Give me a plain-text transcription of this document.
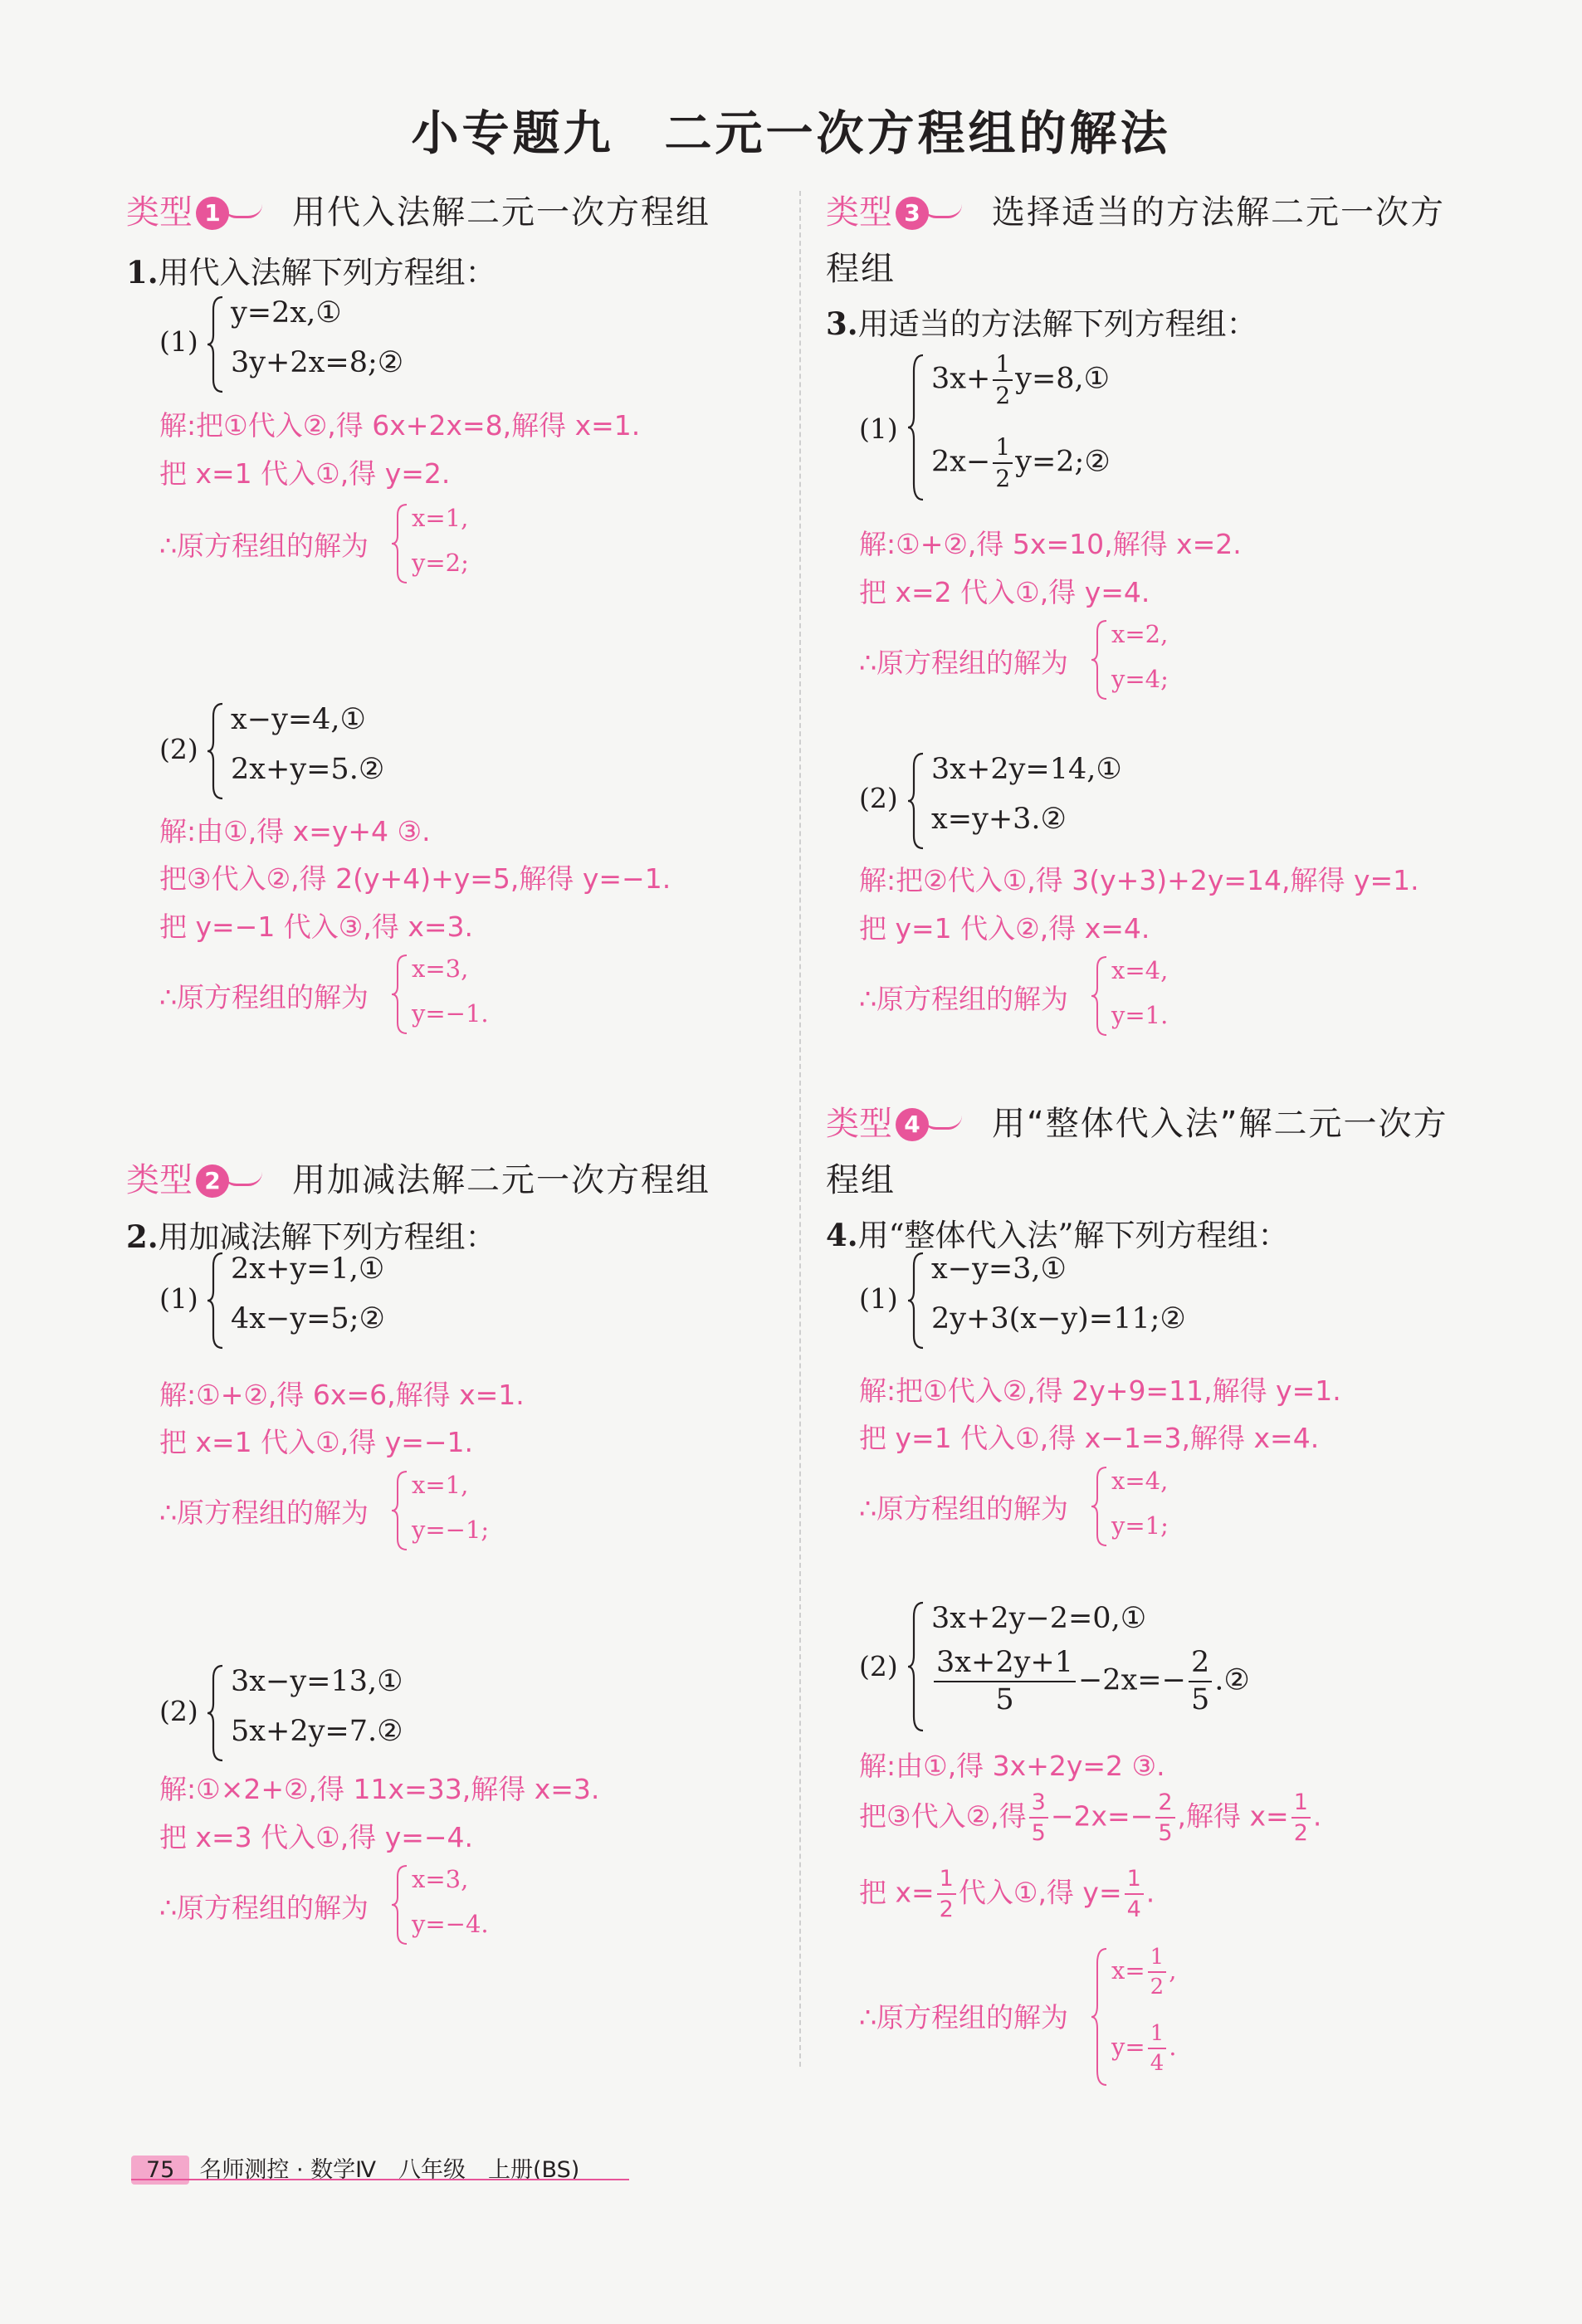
小专题九　二元一次方程组的解法
类型 1 用代入法解二元一次方程组
1.用代入法解下列方程组：
(1)
y=2x,①
3y+2x=8;②
解:把①代入②,得 6x+2x=8,解得 x=1.
把 x=1 代入①,得 y=2.
∴原方程组的解为
x=1,
y=2;
(2)
x−y=4,①
2x+y=5.②
解:由①,得 x=y+4 ③.
把③代入②,得 2(y+4)+y=5,解得 y=−1.
把 y=−1 代入③,得 x=3.
∴原方程组的解为
x=3,
y=−1.
类型 2 用加减法解二元一次方程组
2.用加减法解下列方程组：
(1)
2x+y=1,①
4x−y=5;②
解:①+②,得 6x=6,解得 x=1.
把 x=1 代入①,得 y=−1.
∴原方程组的解为
x=1,
y=−1;
(2)
3x−y=13,①
5x+2y=7.②
解:①×2+②,得 11x=33,解得 x=3.
把 x=3 代入①,得 y=−4.
∴原方程组的解为
x=3,
y=−4.
类型 3 选择适当的方法解二元一次方
程组
3.用适当的方法解下列方程组：
(1)
$3x+ \frac{1}{2}$ y=8,①
$2x- \frac{1}{2}$ y=2;②
解:①+②,得 5x=10,解得 x=2.
把 x=2 代入①,得 y=4.
∴原方程组的解为
x=2,
y=4;
(2)
3x+2y=14,①
x=y+3.②
解:把②代入①,得 3(y+3)+2y=14,解得 y=1.
把 y=1 代入②,得 x=4.
∴原方程组的解为
x=4,
y=1.
类型 4 用“整体代入法”解二元一次方
程组
4.用“整体代入法”解下列方程组：
(1)
x−y=3,①
2y+3(x−y)=11;②
解:把①代入②,得 2y+9=11,解得 y=1.
把 y=1 代入①,得 x−1=3,解得 x=4.
∴原方程组的解为
x=4,
y=1;
(2)
3x+2y−2=0,①
$\frac{3x+2y+1}{5} -2x=- \frac{2}{5}$ .②
解:由①,得 3x+2y=2 ③.
把③代入②,得 $\frac{3}{5} -2x=- \frac{2}{5}$ ,解得 $x= \frac{1}{2}$ .
把 $x= \frac{1}{2}$ 代入①,得 $y= \frac{1}{4}$ .
∴原方程组的解为
$x= \frac{1}{2}$ ,
$y= \frac{1}{4}$ .
75 名师测控 · 数学Ⅳ　八年级　上册(BS)
